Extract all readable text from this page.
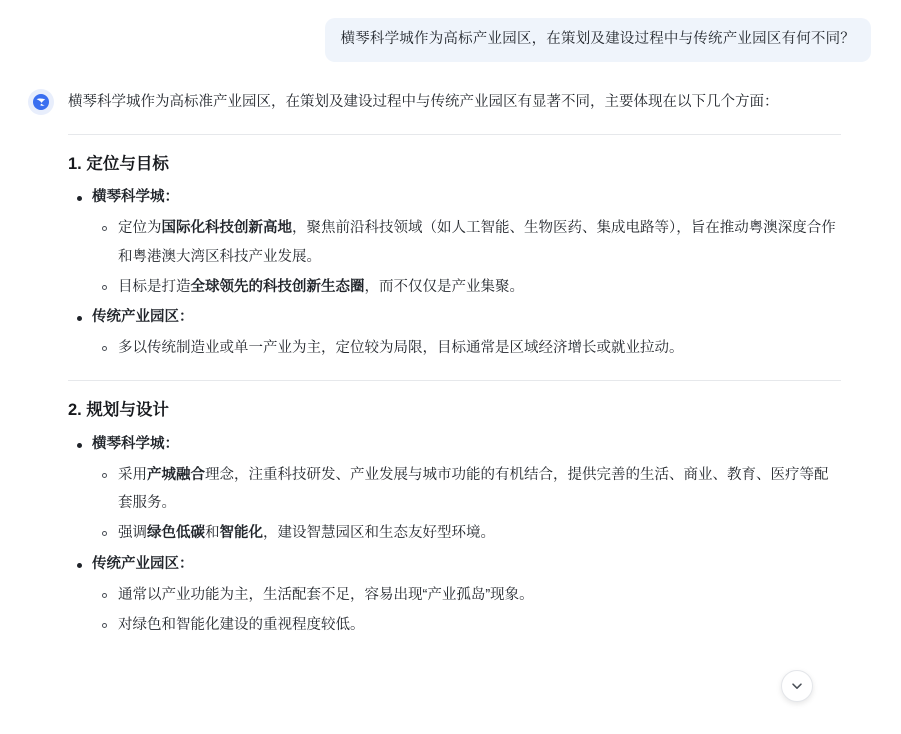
横琴科学城作为高标产业园区，在策划及建设过程中与传统产业园区有何不同？

横琴科学城作为高标准产业园区，在策划及建设过程中与传统产业园区有显著不同，主要体现在以下几个方面：

1. 定位与目标
横琴科学城：
定位为国际化科技创新高地，聚焦前沿科技领域（如人工智能、生物医药、集成电路等），旨在推动粤澳深度合作和粤港澳大湾区科技产业发展。
目标是打造全球领先的科技创新生态圈，而不仅仅是产业集聚。
传统产业园区：
多以传统制造业或单一产业为主，定位较为局限，目标通常是区域经济增长或就业拉动。
2. 规划与设计
横琴科学城：
采用产城融合理念，注重科技研发、产业发展与城市功能的有机结合，提供完善的生活、商业、教育、医疗等配套服务。
强调绿色低碳和智能化，建设智慧园区和生态友好型环境。
传统产业园区：
通常以产业功能为主，生活配套不足，容易出现“产业孤岛”现象。
对绿色和智能化建设的重视程度较低。
